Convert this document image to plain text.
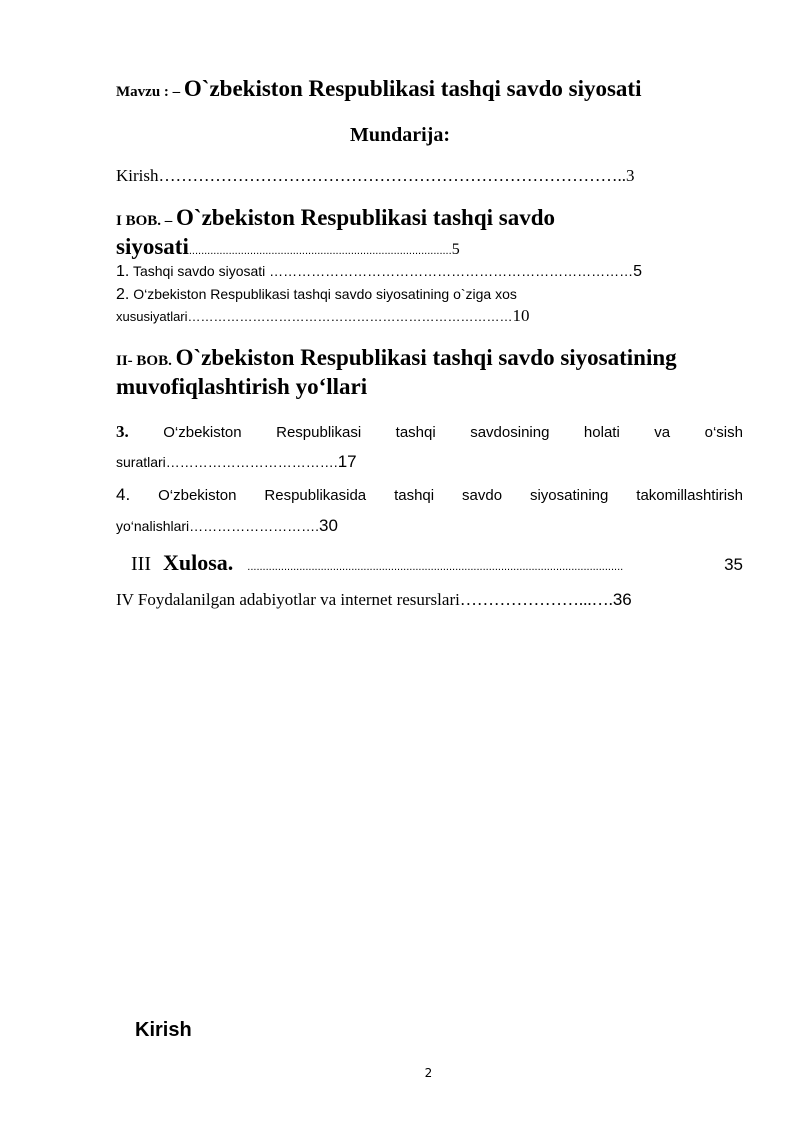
Mavzu : – O`zbekiston Respublikasi tashqi savdo siyosati
Mundarija:
Kirish………………………………………………………………………..3
I BOB. – O`zbekiston Respublikasi tashqi savdo
siyosati......................................................................................5
1. Tashqi savdo siyosati ……………………………………………………………………5
2. O‘zbekiston Respublikasi tashqi savdo siyosatining o`ziga xos
xususiyatlari…………………………………………………………………10
II- BOB. O`zbekiston Respublikasi tashqi savdo siyosatining
muvofiqlashtirish yo‘llari
3. O‘zbekiston Respublikasi tashqi savdosining holati va o‘sish
suratlari……………………………….17
4. O‘zbekiston Respublikasida tashqi savdo siyosatining takomillashtirish
yo‘nalishlari……………………….30
III Xulosa. ...........................................................................................................................	35
IV Foydalanilgan adabiyotlar va internet resurslari…………………...….36
Kirish
2
